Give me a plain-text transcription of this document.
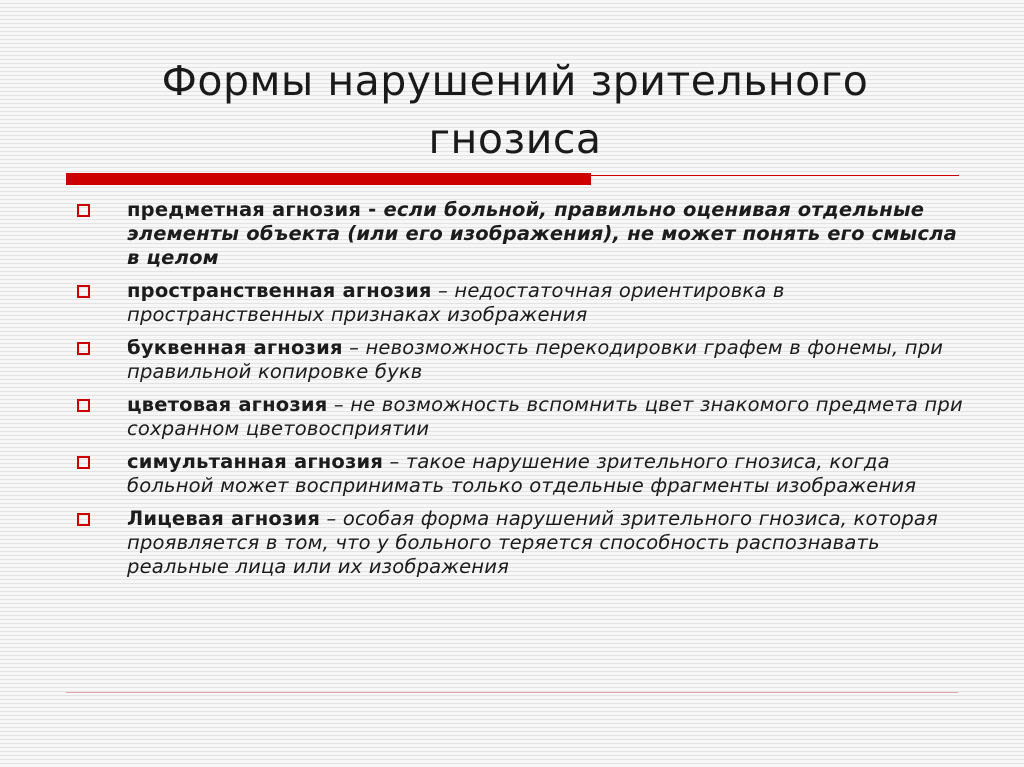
Формы нарушений зрительного гнозиса
предметная агнозия - если больной, правильно оценивая отдельные элементы объекта (или его изображения), не может понять его смысла в целом
пространственная агнозия – недостаточная ориентировка в пространственных признаках изображения
буквенная агнозия – невозможность перекодировки графем в фонемы, при правильной копировке букв
цветовая агнозия – не возможность вспомнить цвет знакомого предмета при сохранном цветовосприятии
симультанная агнозия – такое нарушение зрительного гнозиса, когда больной может воспринимать только отдельные фрагменты изображения
Лицевая агнозия – особая форма нарушений зрительного гнозиса, которая проявляется в том, что у больного теряется способность распознавать реальные лица или их изображения
